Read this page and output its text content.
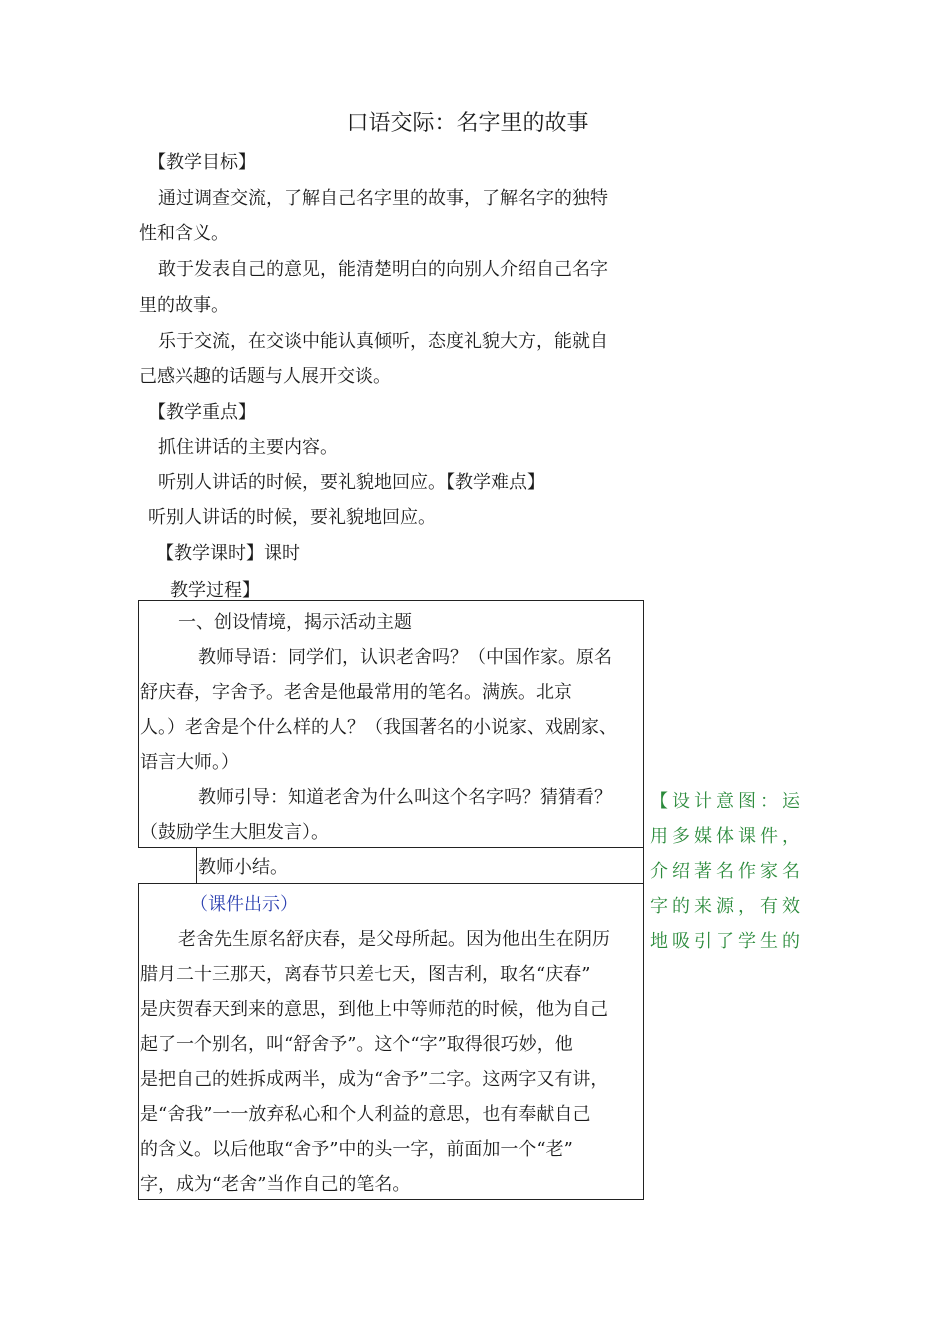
口语交际：名字里的故事
【教学目标】
通过调查交流，了解自己名字里的故事，了解名字的独特
性和含义。
敢于发表自己的意见，能清楚明白的向别人介绍自己名字
里的故事。
乐于交流，在交谈中能认真倾听，态度礼貌大方，能就自
己感兴趣的话题与人展开交谈。
【教学重点】
抓住讲话的主要内容。
听别人讲话的时候，要礼貌地回应。【教学难点】
听别人讲话的时候，要礼貌地回应。
【教学课时】课时
教学过程】
一、创设情境，揭示活动主题
教师导语：同学们，认识老舍吗？（中国作家。原名
舒庆春，字舍予。老舍是他最常用的笔名。满族。北京
人。）老舍是个什么样的人？（我国著名的小说家、戏剧家、
语言大师。）
教师引导：知道老舍为什么叫这个名字吗？猜猜看？
（鼓励学生大胆发言）。
教师小结。
（课件出示）
老舍先生原名舒庆春，是父母所起。因为他出生在阴历
腊月二十三那天，离春节只差七天，图吉利，取名“庆春”
是庆贺春天到来的意思，到他上中等师范的时候，他为自己
起了一个别名，叫“舒舍予”。这个“字”取得很巧妙，他
是把自己的姓拆成两半，成为“舍予”二字。这两字又有讲，
是“舍我”一一放弃私心和个人利益的意思，也有奉献自己
的含义。以后他取“舍予”中的头一字，前面加一个“老”
字，成为“老舍”当作自己的笔名。
【设计意图：运
用多媒体课件，
介绍著名作家名
字的来源，有效
地吸引了学生的
